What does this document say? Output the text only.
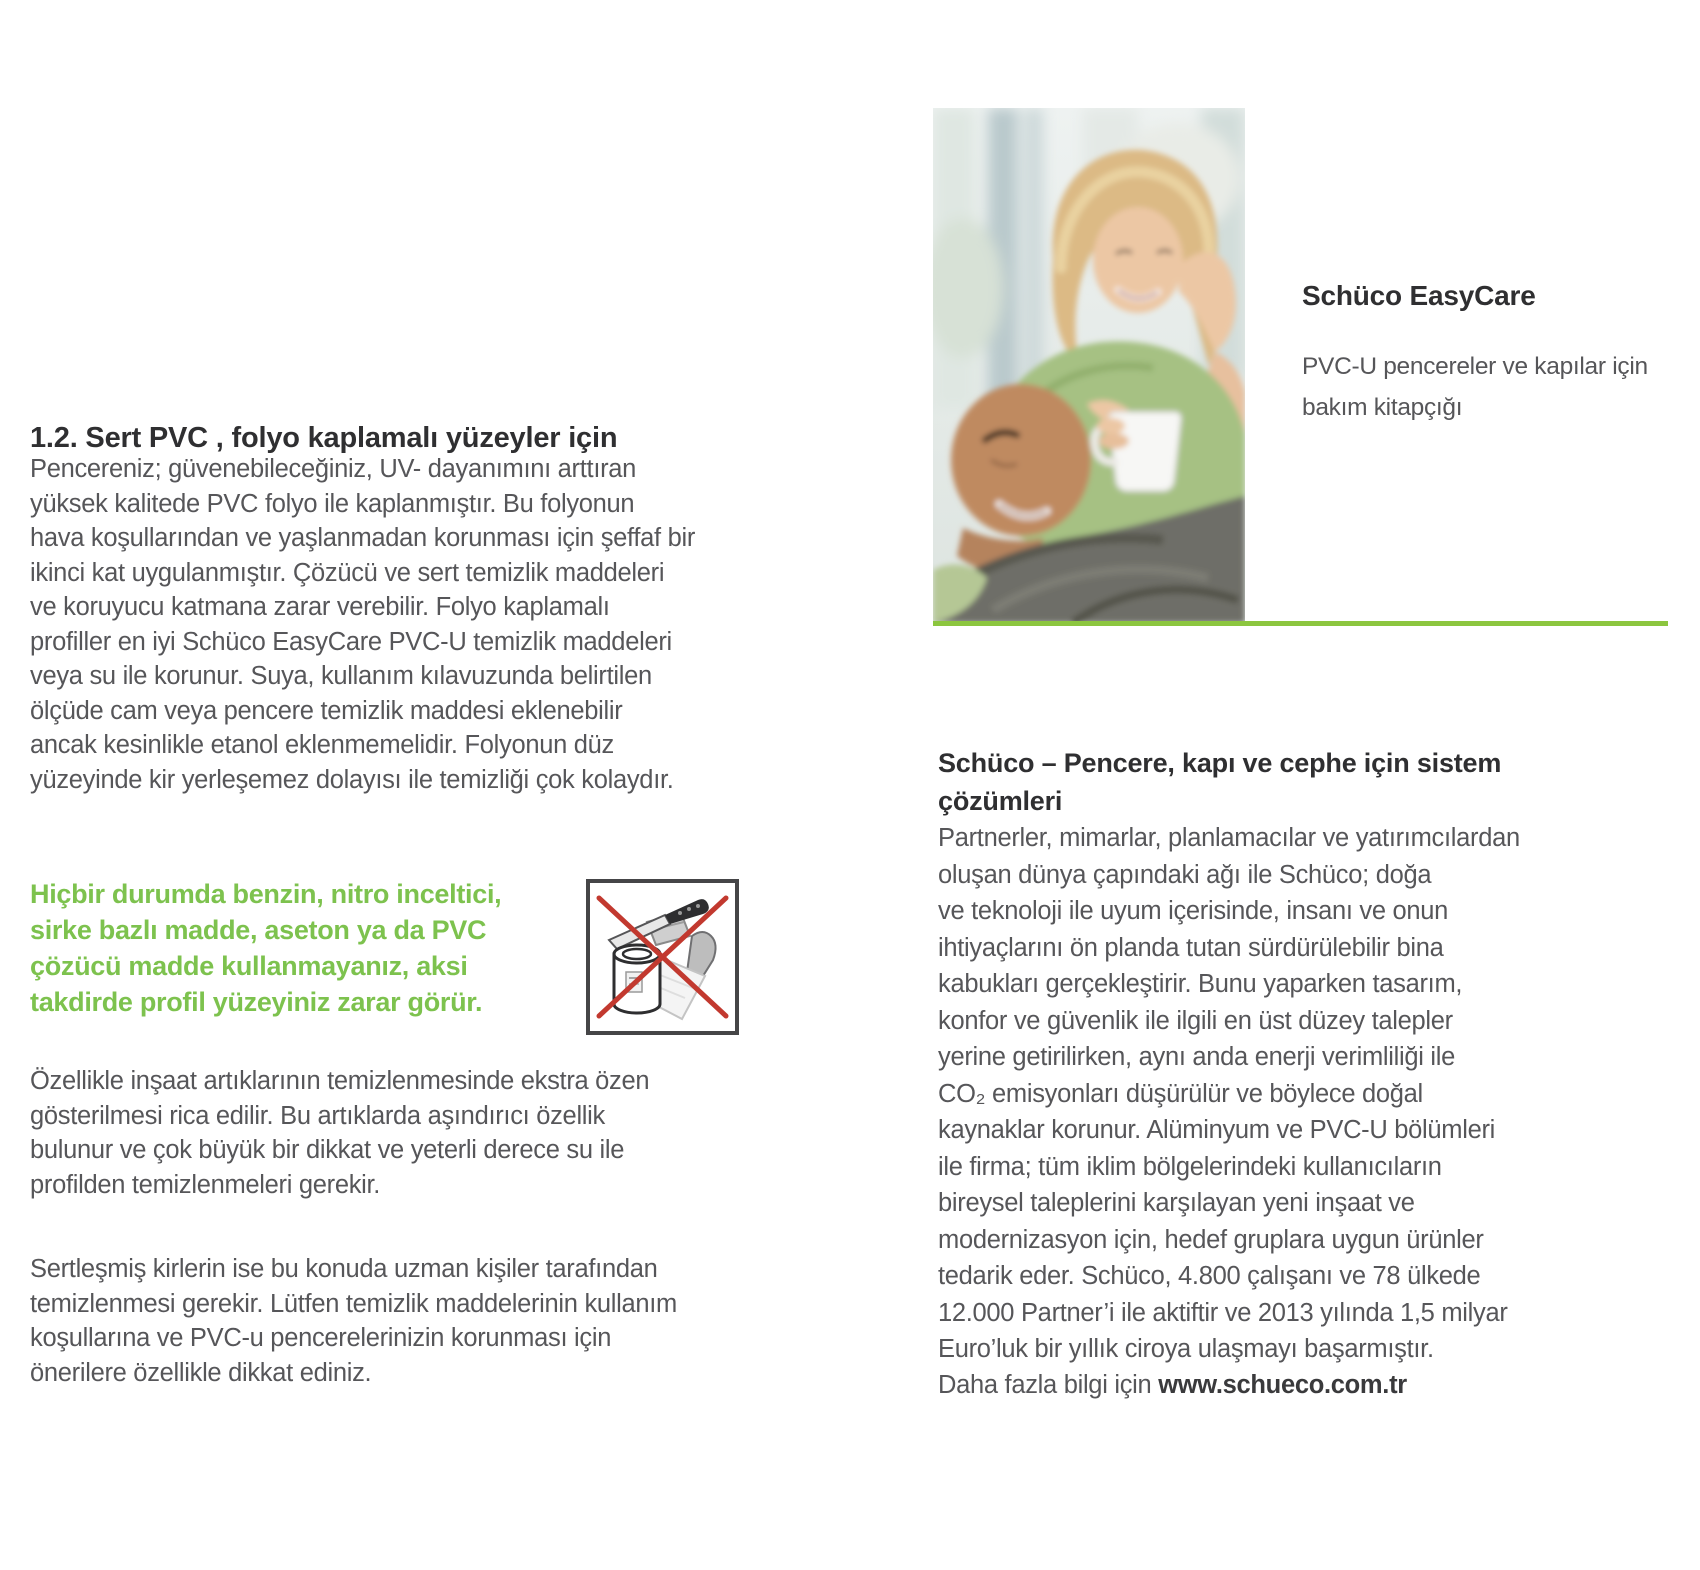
1.2. Sert PVC , folyo kaplamalı yüzeyler için
Pencereniz; güvenebileceğiniz, UV- dayanımını arttıran
yüksek kalitede PVC folyo ile kaplanmıştır. Bu folyonun
hava koşullarından ve yaşlanmadan korunması için şeffaf bir
ikinci kat uygulanmıştır. Çözücü ve sert temizlik maddeleri
ve koruyucu katmana zarar verebilir. Folyo kaplamalı
profiller en iyi Schüco EasyCare PVC-U temizlik maddeleri
veya su ile korunur. Suya, kullanım kılavuzunda belirtilen
ölçüde cam veya pencere temizlik maddesi eklenebilir
ancak kesinlikle etanol eklenmemelidir. Folyonun düz
yüzeyinde kir yerleşemez dolayısı ile temizliği çok kolaydır.
Hiçbir durumda benzin, nitro inceltici,
sirke bazlı madde, aseton ya da PVC
çözücü madde kullanmayanız, aksi
takdirde profil yüzeyiniz zarar görür.
Özellikle inşaat artıklarının temizlenmesinde ekstra özen
gösterilmesi rica edilir. Bu artıklarda aşındırıcı özellik
bulunur ve çok büyük bir dikkat ve yeterli derece su ile
profilden temizlenmeleri gerekir.
Sertleşmiş kirlerin ise bu konuda uzman kişiler tarafından
temizlenmesi gerekir. Lütfen temizlik maddelerinin kullanım
koşullarına ve PVC-u pencerelerinizin korunması için
önerilere özellikle dikkat ediniz.
Schüco EasyCare
PVC-U pencereler ve kapılar için
bakım kitapçığı
Schüco – Pencere, kapı ve cephe için sistem
çözümleri
Partnerler, mimarlar, planlamacılar ve yatırımcılardan
oluşan dünya çapındaki ağı ile Schüco; doğa
ve teknoloji ile uyum içerisinde, insanı ve onun
ihtiyaçlarını ön planda tutan sürdürülebilir bina
kabukları gerçekleştirir. Bunu yaparken tasarım,
konfor ve güvenlik ile ilgili en üst düzey talepler
yerine getirilirken, aynı anda enerji verimliliği ile
CO₂ emisyonları düşürülür ve böylece doğal
kaynaklar korunur. Alüminyum ve PVC-U bölümleri
ile firma; tüm iklim bölgelerindeki kullanıcıların
bireysel taleplerini karşılayan yeni inşaat ve
modernizasyon için, hedef gruplara uygun ürünler
tedarik eder. Schüco, 4.800 çalışanı ve 78 ülkede
12.000 Partner’i ile aktiftir ve 2013 yılında 1,5 milyar
Euro’luk bir yıllık ciroya ulaşmayı başarmıştır.
Daha fazla bilgi için www.schueco.com.tr
